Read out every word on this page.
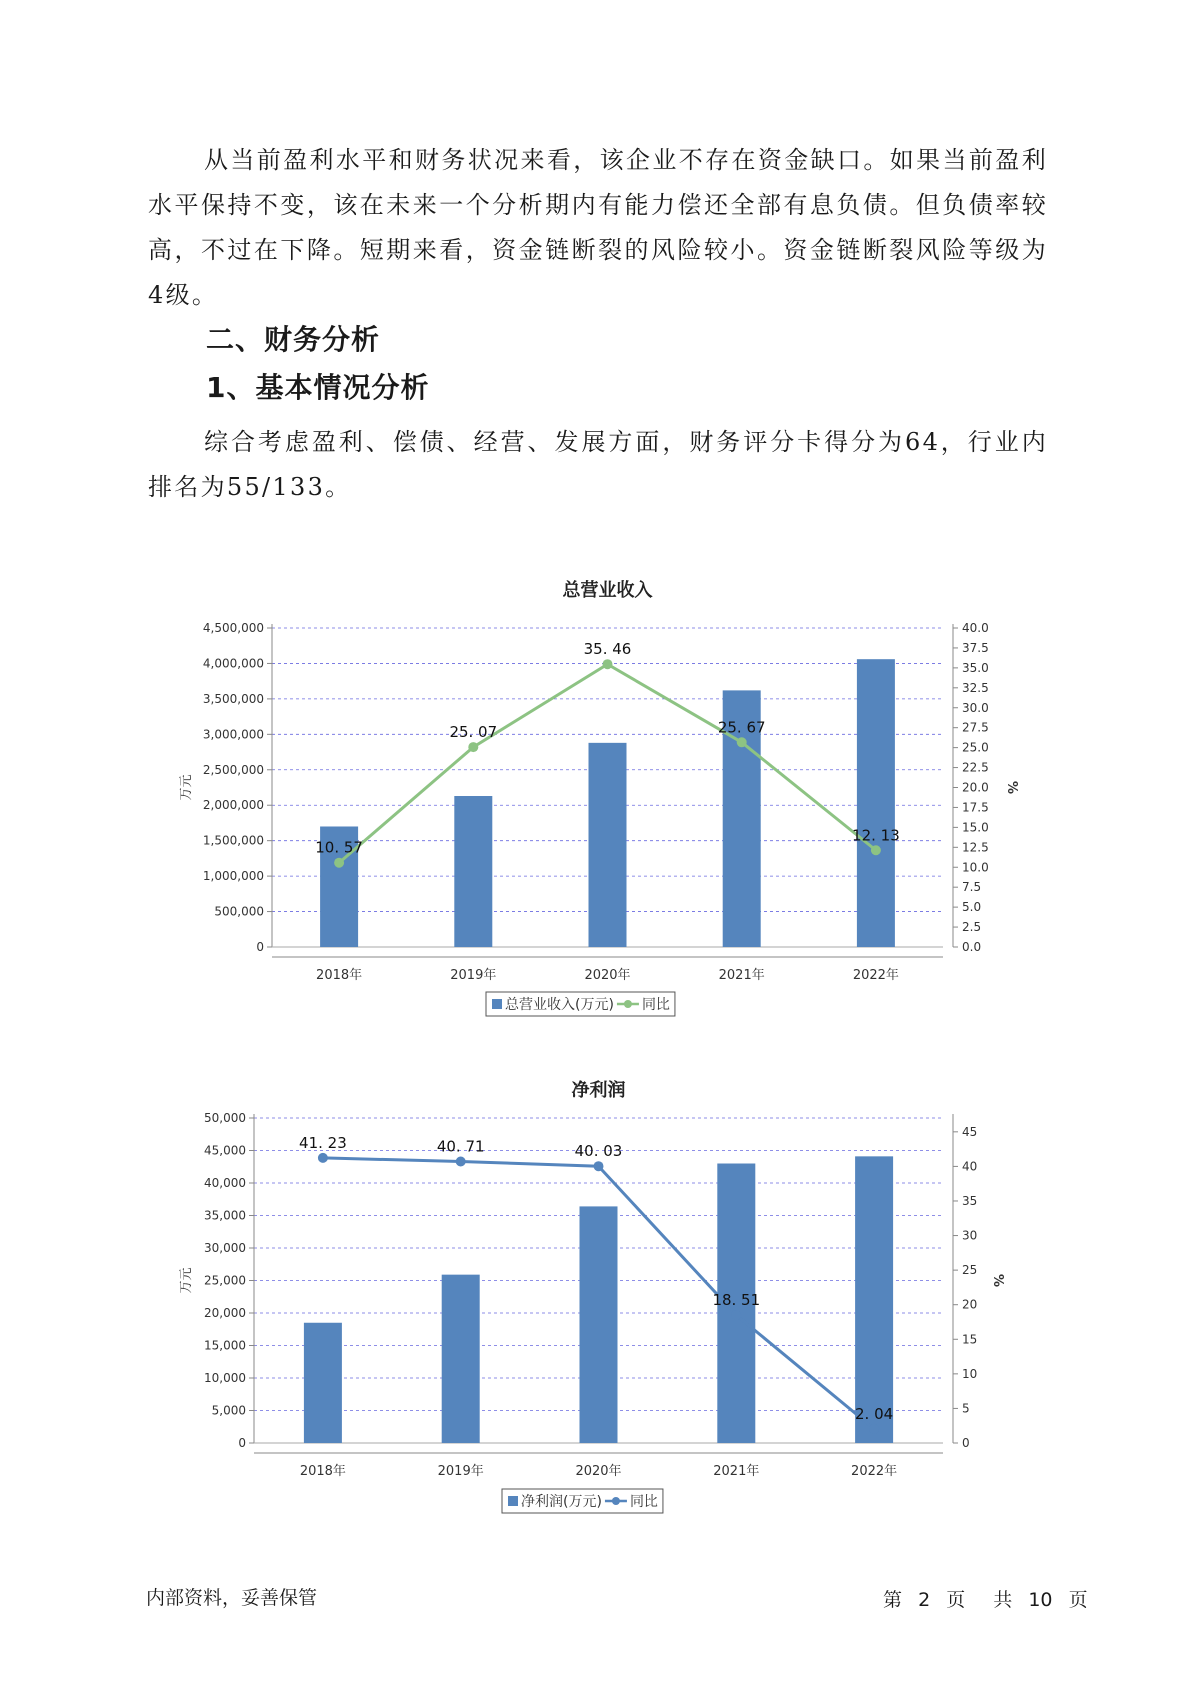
从当前盈利水平和财务状况来看，该企业不存在资金缺口。如果当前盈利水平保持不变，该在未来一个分析期内有能力偿还全部有息负债。但负债率较高，不过在下降。短期来看，资金链断裂的风险较小。资金链断裂风险等级为4级。

二、财务分析
1、基本情况分析

综合考虑盈利、偿债、经营、发展方面，财务评分卡得分为64，行业内排名为55/133。

总营业收入
0
500,000
1,000,000
1,500,000
2,000,000
2,500,000
3,000,000
3,500,000
4,000,000
4,500,000
0.0
2.5
5.0
7.5
10.0
12.5
15.0
17.5
20.0
22.5
25.0
27.5
30.0
32.5
35.0
37.5
40.0
万元	%
2018年	2019年	2020年	2021年	2022年
10. 57
25. 07
35. 46
25. 67
12. 13
总营业收入(万元) 同比
净利润
0
5,000
10,000
15,000
20,000
25,000
30,000
35,000
40,000
45,000
50,000
0
5
10
15
20
25
30
35
40
45
万元	%
2018年	2019年	2020年	2021年	2022年
41. 23	40. 71	40. 03
18. 51
2. 04
净利润(万元) 同比
内部资料，妥善保管	第 2 页 共 10 页
